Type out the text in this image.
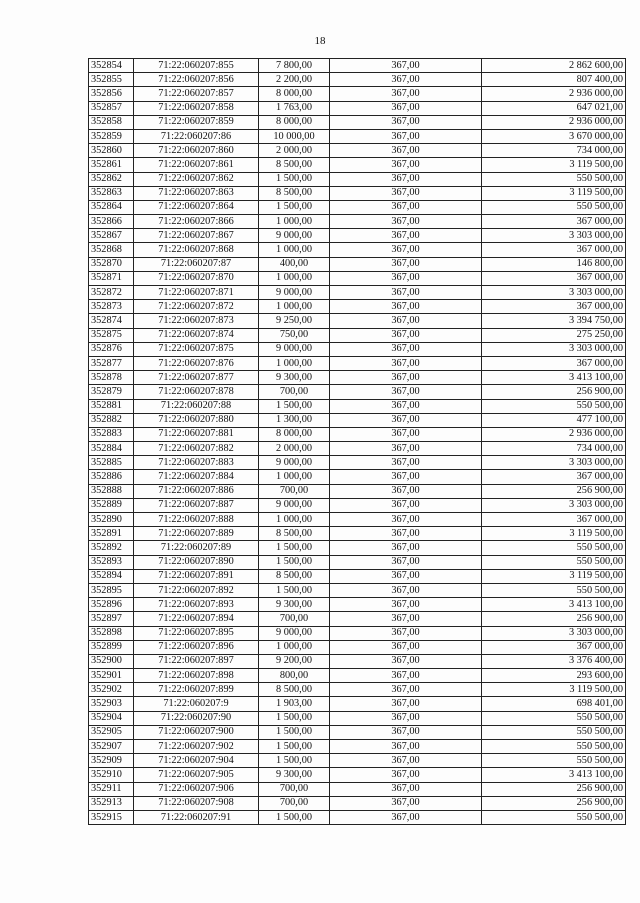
18
352854	71:22:060207:855	7 800,00	367,00	2 862 600,00
352855	71:22:060207:856	2 200,00	367,00	807 400,00
352856	71:22:060207:857	8 000,00	367,00	2 936 000,00
352857	71:22:060207:858	1 763,00	367,00	647 021,00
352858	71:22:060207:859	8 000,00	367,00	2 936 000,00
352859	71:22:060207:86	10 000,00	367,00	3 670 000,00
352860	71:22:060207:860	2 000,00	367,00	734 000,00
352861	71:22:060207:861	8 500,00	367,00	3 119 500,00
352862	71:22:060207:862	1 500,00	367,00	550 500,00
352863	71:22:060207:863	8 500,00	367,00	3 119 500,00
352864	71:22:060207:864	1 500,00	367,00	550 500,00
352866	71:22:060207:866	1 000,00	367,00	367 000,00
352867	71:22:060207:867	9 000,00	367,00	3 303 000,00
352868	71:22:060207:868	1 000,00	367,00	367 000,00
352870	71:22:060207:87	400,00	367,00	146 800,00
352871	71:22:060207:870	1 000,00	367,00	367 000,00
352872	71:22:060207:871	9 000,00	367,00	3 303 000,00
352873	71:22:060207:872	1 000,00	367,00	367 000,00
352874	71:22:060207:873	9 250,00	367,00	3 394 750,00
352875	71:22:060207:874	750,00	367,00	275 250,00
352876	71:22:060207:875	9 000,00	367,00	3 303 000,00
352877	71:22:060207:876	1 000,00	367,00	367 000,00
352878	71:22:060207:877	9 300,00	367,00	3 413 100,00
352879	71:22:060207:878	700,00	367,00	256 900,00
352881	71:22:060207:88	1 500,00	367,00	550 500,00
352882	71:22:060207:880	1 300,00	367,00	477 100,00
352883	71:22:060207:881	8 000,00	367,00	2 936 000,00
352884	71:22:060207:882	2 000,00	367,00	734 000,00
352885	71:22:060207:883	9 000,00	367,00	3 303 000,00
352886	71:22:060207:884	1 000,00	367,00	367 000,00
352888	71:22:060207:886	700,00	367,00	256 900,00
352889	71:22:060207:887	9 000,00	367,00	3 303 000,00
352890	71:22:060207:888	1 000,00	367,00	367 000,00
352891	71:22:060207:889	8 500,00	367,00	3 119 500,00
352892	71:22:060207:89	1 500,00	367,00	550 500,00
352893	71:22:060207:890	1 500,00	367,00	550 500,00
352894	71:22:060207:891	8 500,00	367,00	3 119 500,00
352895	71:22:060207:892	1 500,00	367,00	550 500,00
352896	71:22:060207:893	9 300,00	367,00	3 413 100,00
352897	71:22:060207:894	700,00	367,00	256 900,00
352898	71:22:060207:895	9 000,00	367,00	3 303 000,00
352899	71:22:060207:896	1 000,00	367,00	367 000,00
352900	71:22:060207:897	9 200,00	367,00	3 376 400,00
352901	71:22:060207:898	800,00	367,00	293 600,00
352902	71:22:060207:899	8 500,00	367,00	3 119 500,00
352903	71:22:060207:9	1 903,00	367,00	698 401,00
352904	71:22:060207:90	1 500,00	367,00	550 500,00
352905	71:22:060207:900	1 500,00	367,00	550 500,00
352907	71:22:060207:902	1 500,00	367,00	550 500,00
352909	71:22:060207:904	1 500,00	367,00	550 500,00
352910	71:22:060207:905	9 300,00	367,00	3 413 100,00
352911	71:22:060207:906	700,00	367,00	256 900,00
352913	71:22:060207:908	700,00	367,00	256 900,00
352915	71:22:060207:91	1 500,00	367,00	550 500,00
